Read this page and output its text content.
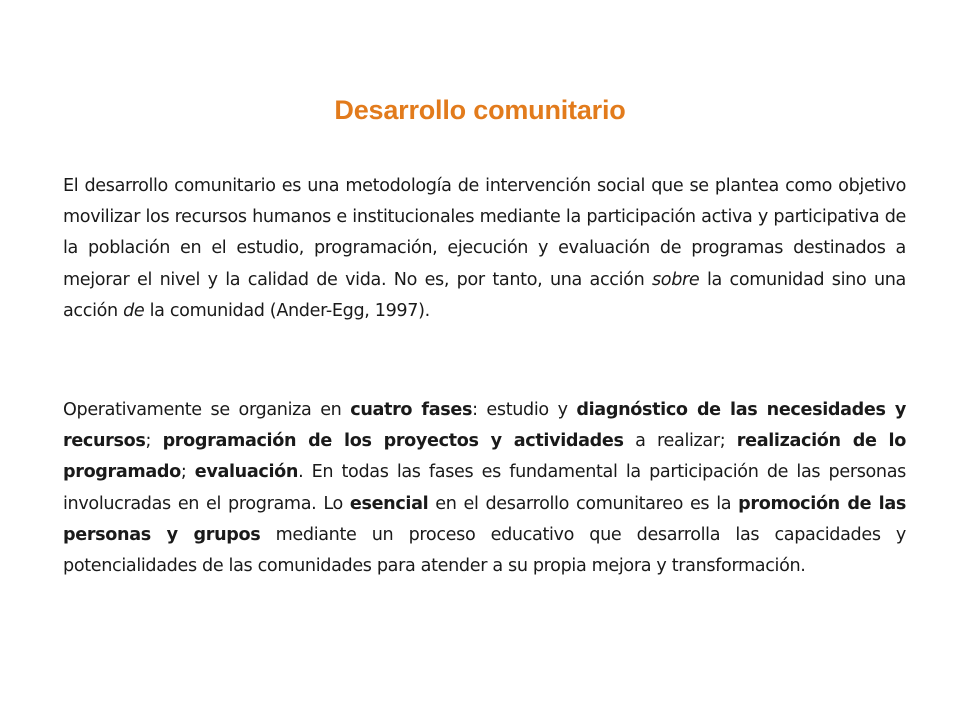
Desarrollo comunitario

El desarrollo comunitario es una metodología de intervención social que se plantea como objetivo movilizar los recursos humanos e institucionales mediante la participación activa y participativa de la población en el estudio, programación, ejecución y evaluación de programas destinados a mejorar el nivel y la calidad de vida. No es, por tanto, una acción sobre la comunidad sino una acción de la comunidad (Ander-Egg, 1997).

Operativamente se organiza en cuatro fases: estudio y diagnóstico de las necesidades y recursos; programación de los proyectos y actividades a realizar; realización de lo programado; evaluación. En todas las fases es fundamental la participación de las personas involucradas en el programa. Lo esencial en el desarrollo comunitareo es la promoción de las personas y grupos mediante un proceso educativo que desarrolla las capacidades y potencialidades de las comunidades para atender a su propia mejora y transformación.
